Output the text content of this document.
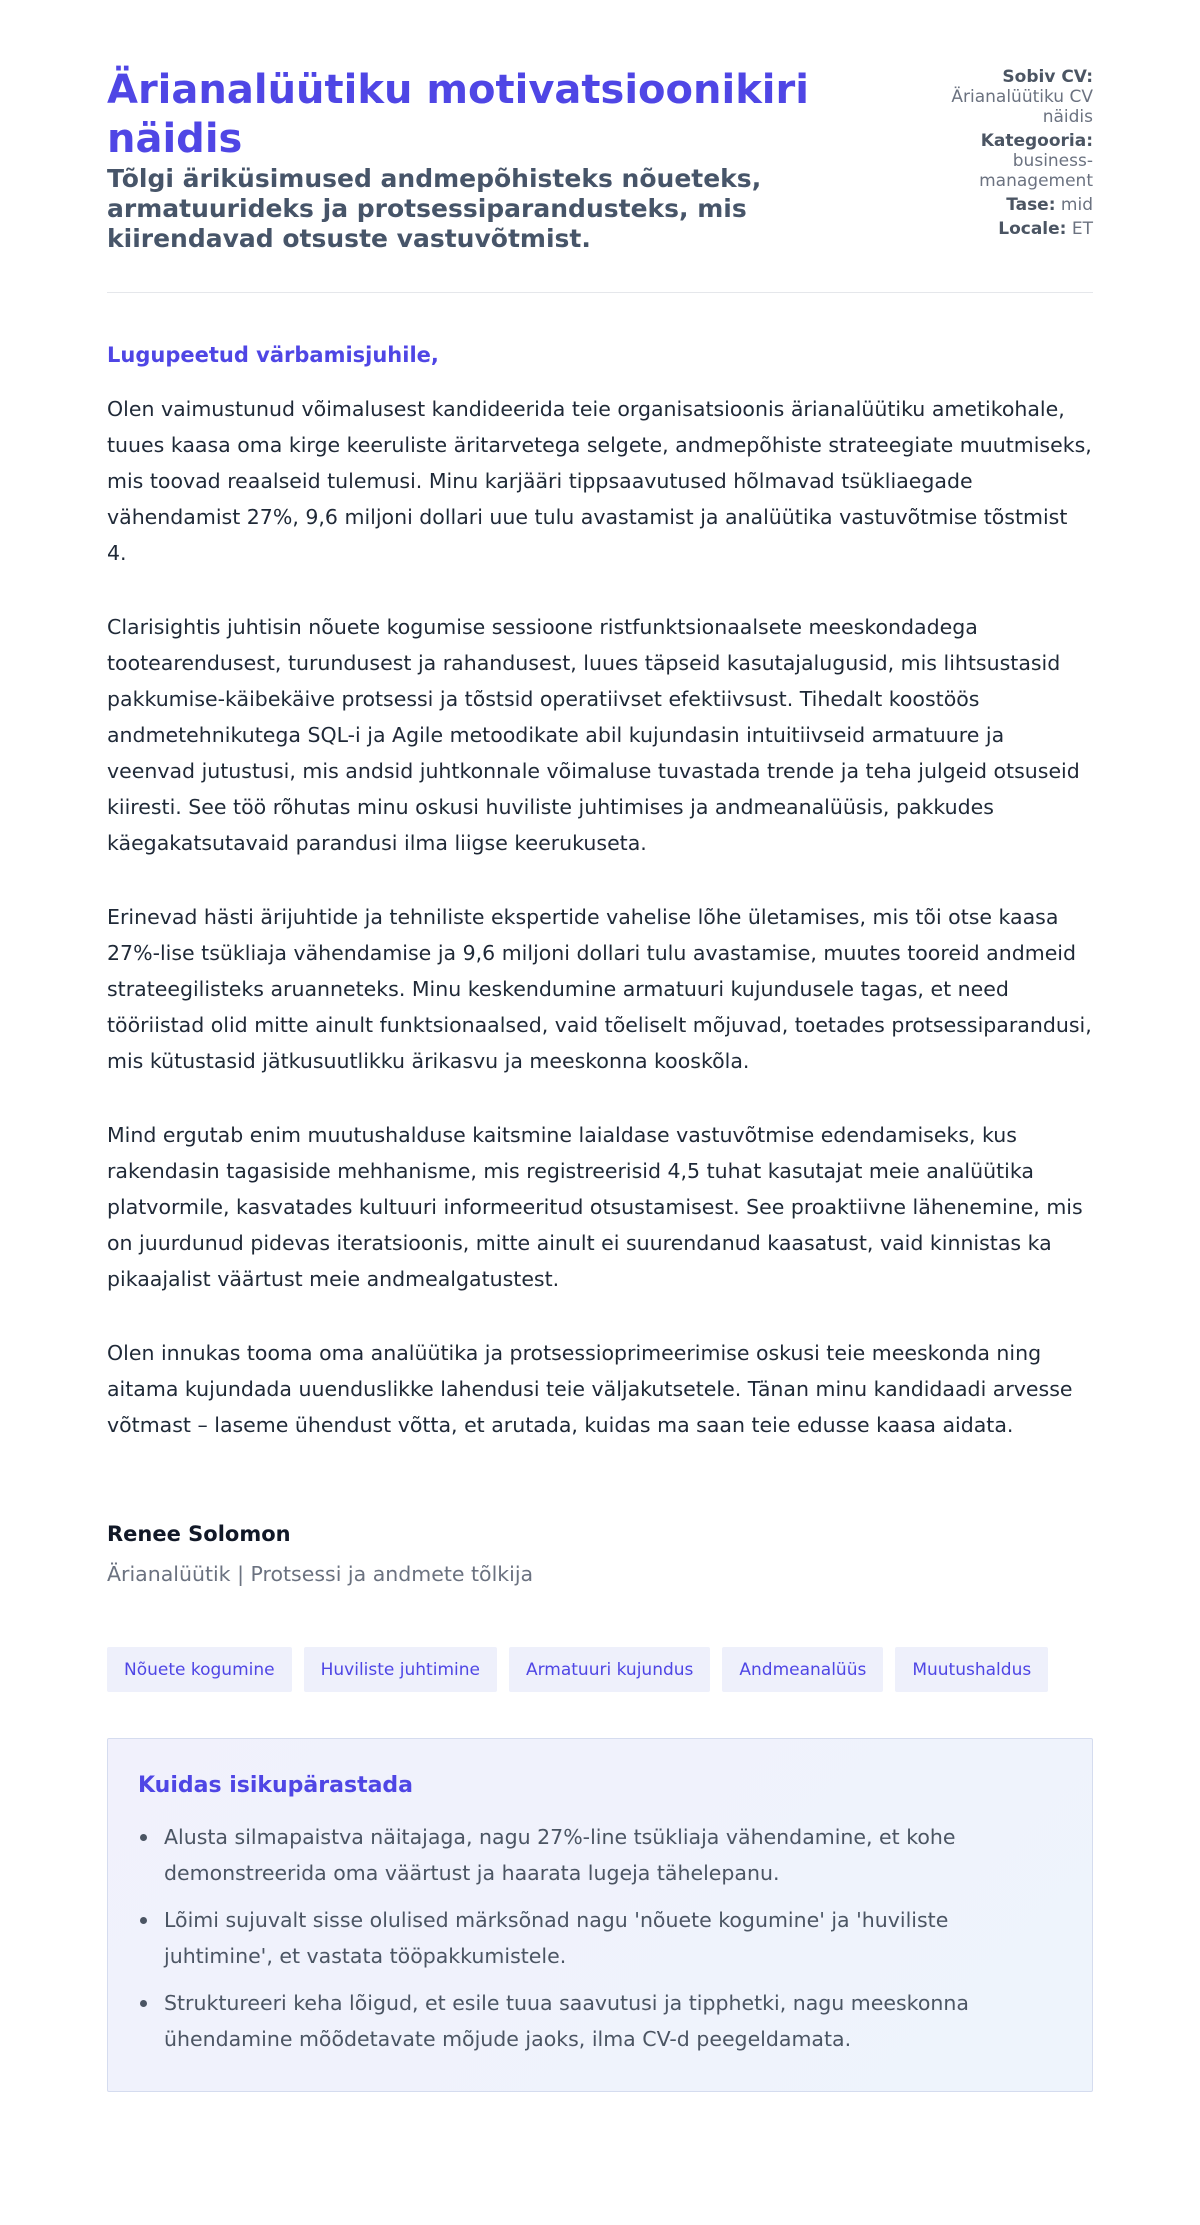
Ärianalüütiku motivatsioonikiri näidis
Tõlgi äriküsimused andmepõhisteks nõueteks, armatuurideks ja protsessiparandusteks, mis kiirendavad otsuste vastuvõtmist.
Sobiv CV: Ärianalüütiku CV näidis
Kategooria: business-management
Tase: mid
Locale: ET

Lugupeetud värbamisjuhile,

Olen vaimustunud võimalusest kandideerida teie organisatsioonis ärianalüütiku ametikohale, tuues kaasa oma kirge keeruliste äritarvetega selgete, andmepõhiste strateegiate muutmiseks, mis toovad reaalseid tulemusi. Minu karjääri tippsaavutused hõlmavad tsükliaegade vähendamist 27%, 9,6 miljoni dollari uue tulu avastamist ja analüütika vastuvõtmise tõstmist 4.

Clarisightis juhtisin nõuete kogumise sessioone ristfunktsionaalsete meeskondadega tootearendusest, turundusest ja rahandusest, luues täpseid kasutajalugusid, mis lihtsustasid pakkumise-käibekäive protsessi ja tõstsid operatiivset efektiivsust. Tihedalt koostöös andmetehnikutega SQL-i ja Agile metoodikate abil kujundasin intuitiivseid armatuure ja veenvad jutustusi, mis andsid juhtkonnale võimaluse tuvastada trende ja teha julgeid otsuseid kiiresti. See töö rõhutas minu oskusi huviliste juhtimises ja andmeanalüüsis, pakkudes käegakatsutavaid parandusi ilma liigse keerukuseta.

Erinevad hästi ärijuhtide ja tehniliste ekspertide vahelise lõhe ületamises, mis tõi otse kaasa 27%-lise tsükliaja vähendamise ja 9,6 miljoni dollari tulu avastamise, muutes tooreid andmeid strateegilisteks aruanneteks. Minu keskendumine armatuuri kujundusele tagas, et need tööriistad olid mitte ainult funktsionaalsed, vaid tõeliselt mõjuvad, toetades protsessiparandusi, mis kütustasid jätkusuutlikku ärikasvu ja meeskonna kooskõla.

Mind ergutab enim muutushalduse kaitsmine laialdase vastuvõtmise edendamiseks, kus rakendasin tagasiside mehhanisme, mis registreerisid 4,5 tuhat kasutajat meie analüütika platvormile, kasvatades kultuuri informeeritud otsustamisest. See proaktiivne lähenemine, mis on juurdunud pidevas iteratsioonis, mitte ainult ei suurendanud kaasatust, vaid kinnistas ka pikaajalist väärtust meie andmealgatustest.

Olen innukas tooma oma analüütika ja protsessioprimeerimise oskusi teie meeskonda ning aitama kujundada uuenduslikke lahendusi teie väljakutsetele. Tänan minu kandidaadi arvesse võtmast – laseme ühendust võtta, et arutada, kuidas ma saan teie edusse kaasa aidata.

Renee Solomon
Ärianalüütik | Protsessi ja andmete tõlkija
Nõuete kogumine	Huviliste juhtimine	Armatuuri kujundus	Andmeanalüüs	Muutushaldus
Kuidas isikupärastada
Alusta silmapaistva näitajaga, nagu 27%-line tsükliaja vähendamine, et kohe demonstreerida oma väärtust ja haarata lugeja tähelepanu.
Lõimi sujuvalt sisse olulised märksõnad nagu 'nõuete kogumine' ja 'huviliste juhtimine', et vastata tööpakkumistele.
Struktureeri keha lõigud, et esile tuua saavutusi ja tipphetki, nagu meeskonna ühendamine mõõdetavate mõjude jaoks, ilma CV-d peegeldamata.
